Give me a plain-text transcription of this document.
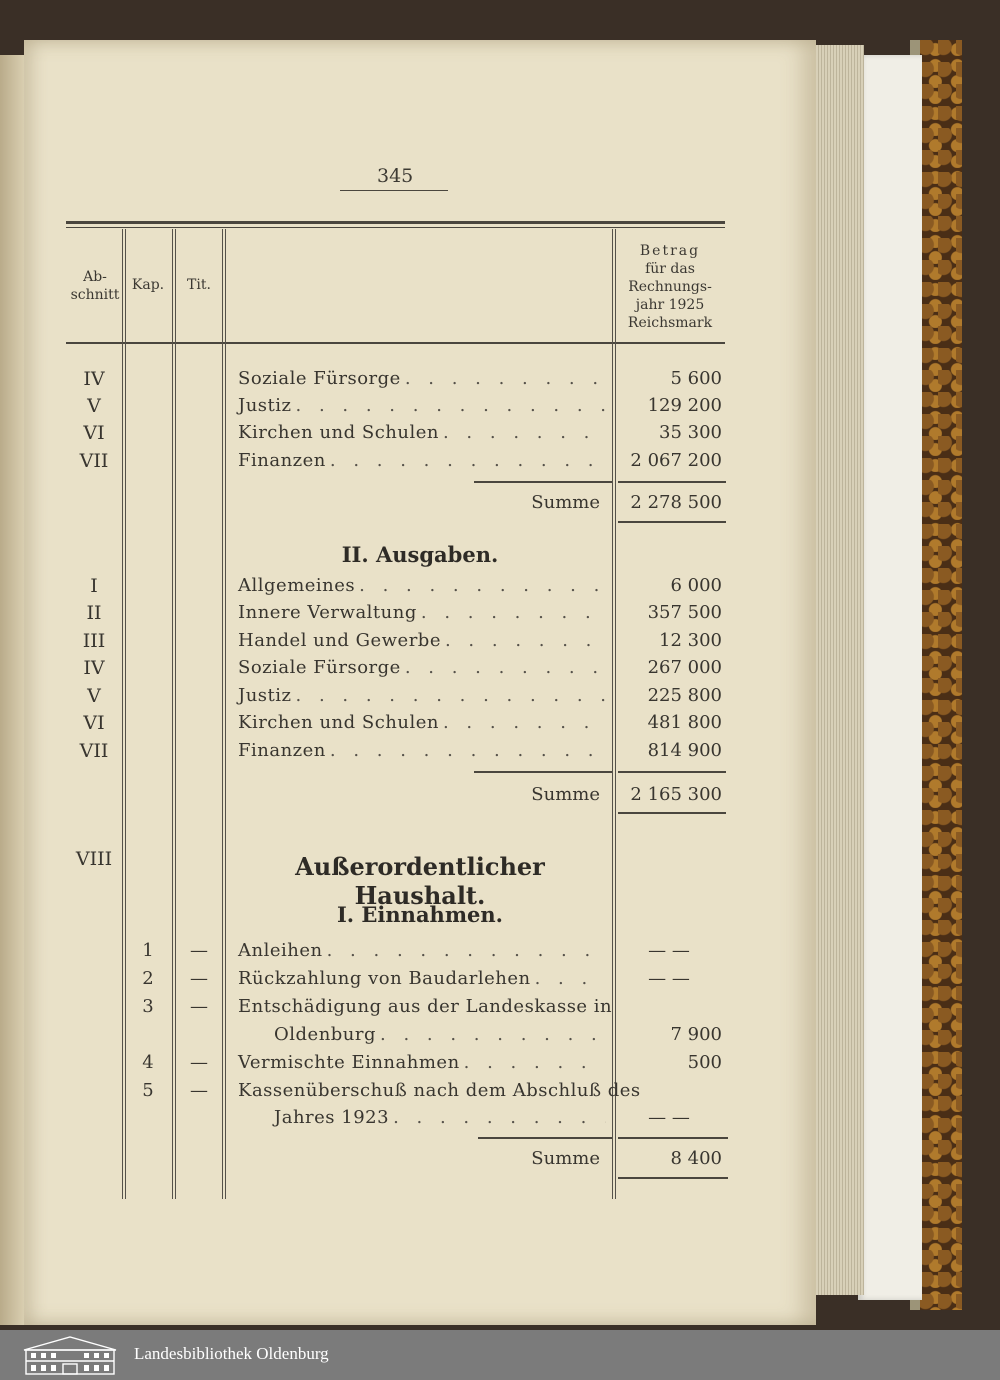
345
Ab-
schnitt
Kap.	Tit.
Betrag
für das
Rechnungs-
jahr 1925
Reichsmark
IV	Soziale Fürsorge . . .	5 600
V	Justiz . . .	129 200
VI	Kirchen und Schulen . . .	35 300
VII	Finanzen . . .	2 067 200
Summe	2 278 500
II. Ausgaben.
I	Allgemeines . . .	6 000
II	Innere Verwaltung . . .	357 500
III	Handel und Gewerbe . . .	12 300
IV	Soziale Fürsorge . . .	267 000
V	Justiz . . .	225 800
VI	Kirchen und Schulen . . .	481 800
VII	Finanzen . . .	814 900
Summe	2 165 300
VIII	Außerordentlicher Haushalt.
I. Einnahmen.
1	—	Anleihen . . .	— —
2	—	Rückzahlung von Baudarlehen . . .	— —
3	—	Entschädigung aus der Landeskasse in
Oldenburg . . .	7 900
4	—	Vermischte Einnahmen . . .	500
5	—	Kassenüberschuß nach dem Abschluß des
Jahres 1923 . . .	— —
Summe	8 400
Landesbibliothek Oldenburg
